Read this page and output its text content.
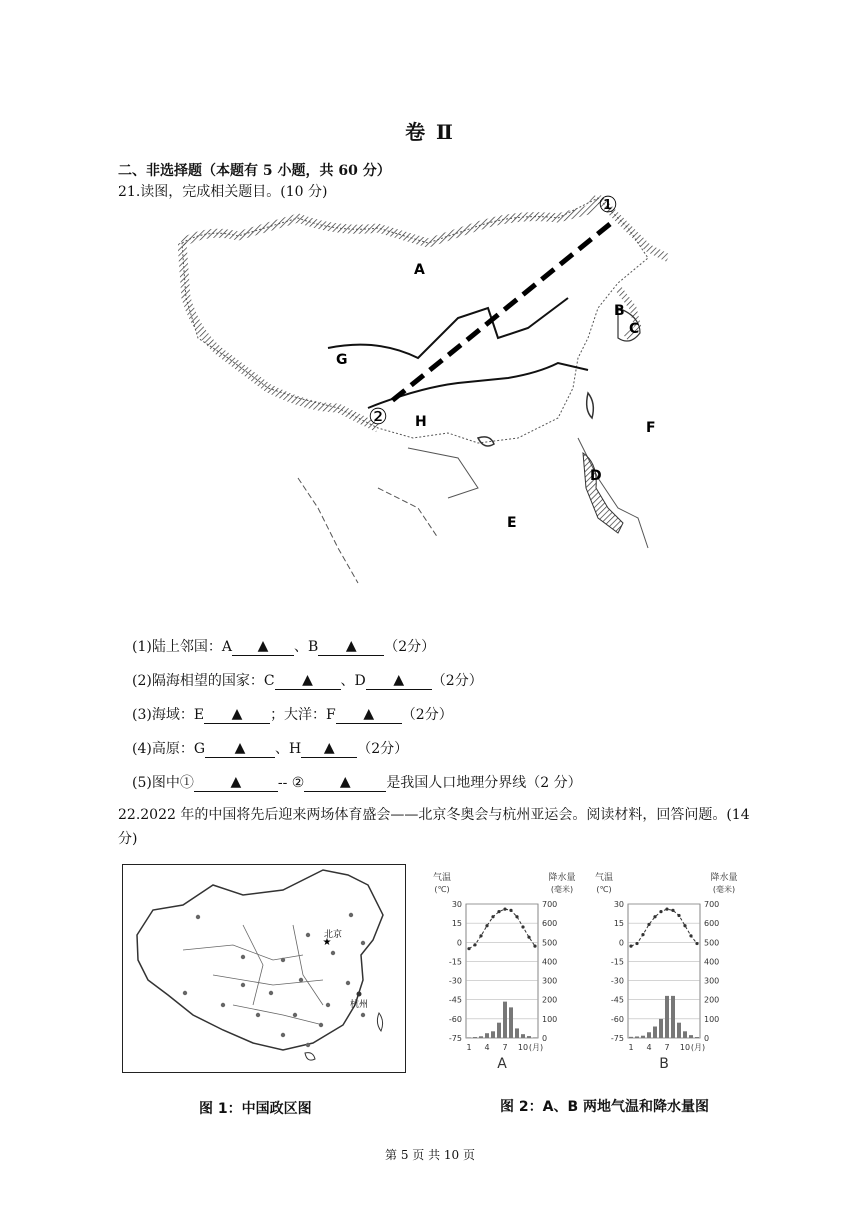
卷 Ⅱ
二、非选择题（本题有 5 小题，共 60 分）
21.读图，完成相关题目。(10 分)
①
②
A
B
C
G
H	F
D
E
(1)陆上邻国：A ▲ 、B ▲ （2分）
(2)隔海相望的国家：C ▲ 、D ▲ （2分）
(3)海域：E ▲ ；大洋：F ▲ （2分）
(4)高原：G ▲ 、H ▲ （2分）
(5)图中①	▲	-- ②	▲	是我国人口地理分界线（2 分）
22.2022 年的中国将先后迎来两场体育盛会——北京冬奥会与杭州亚运会。阅读材料，回答问题。(14 分)
★
北京
杭州
气温
(℃)
降水量
(毫米)
30	700
15	600
0	500
-15	400
-30	300
-45	200
-60	100
-75	0
1 4 7 10 (月)
A
气温
(℃)
降水量
(毫米)
30	700
15	600
0	500
-15	400
-30	300
-45	200
-60	100
-75	0
1 4 7 10 (月)
B
图 1：中国政区图	图 2：A、B 两地气温和降水量图
第 5 页 共 10 页
